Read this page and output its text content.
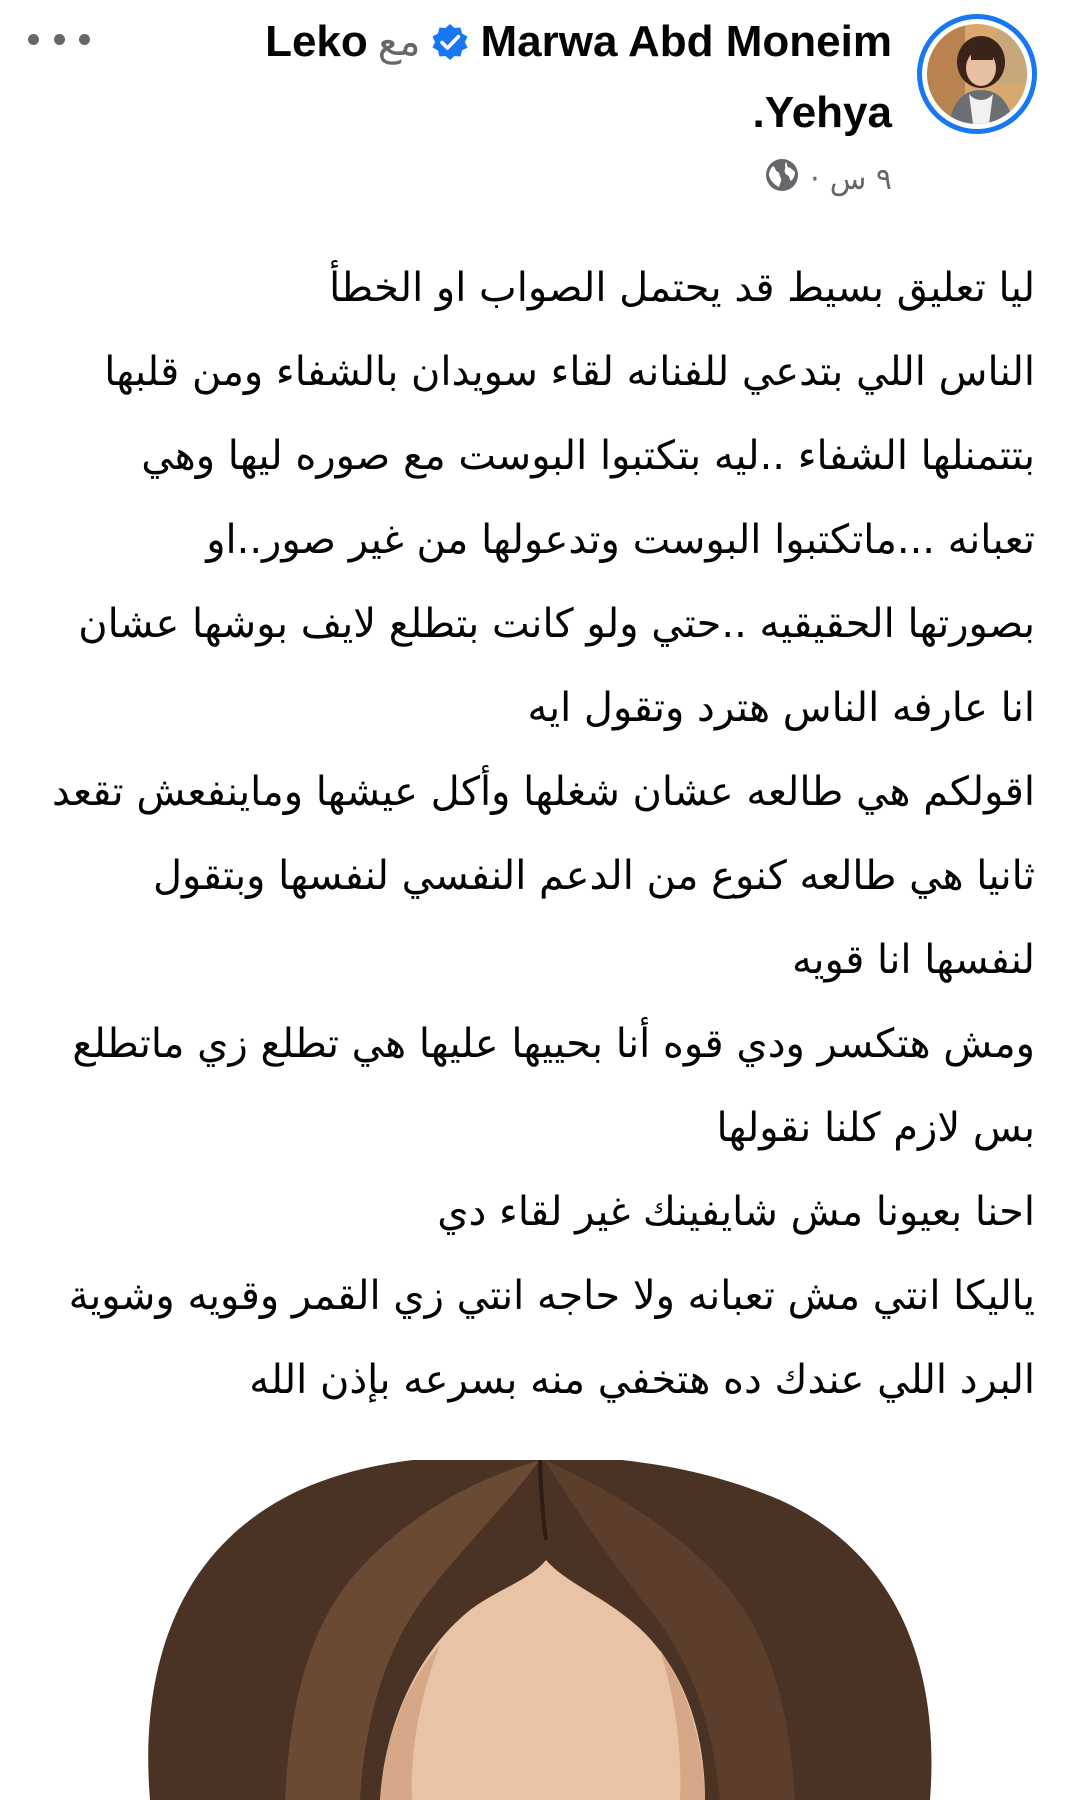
Marwa Abd Moneim
مع
Leko
Yehya
.
٩ س
·
ليا تعليق بسيط قد يحتمل الصواب او الخطأ
الناس اللي بتدعي للفنانه لقاء سويدان بالشفاء ومن قلبها
بتتمنلها الشفاء ..ليه بتكتبوا البوست مع صوره ليها وهي
تعبانه ...ماتكتبوا البوست وتدعولها من غير صور..او
بصورتها الحقيقيه ..حتي ولو كانت بتطلع لايف بوشها عشان
انا عارفه الناس هترد وتقول ايه
اقولكم هي طالعه عشان شغلها وأكل عيشها وماينفعش تقعد
ثانيا هي طالعه كنوع من الدعم النفسي لنفسها وبتقول
لنفسها انا قويه
ومش هتكسر ودي قوه أنا بحييها عليها هي تطلع زي ماتطلع
بس لازم كلنا نقولها
احنا بعيونا مش شايفينك غير لقاء دي
ياليكا انتي مش تعبانه ولا حاجه انتي زي القمر وقويه وشوية
البرد اللي عندك ده هتخفي منه بسرعه بإذن الله
